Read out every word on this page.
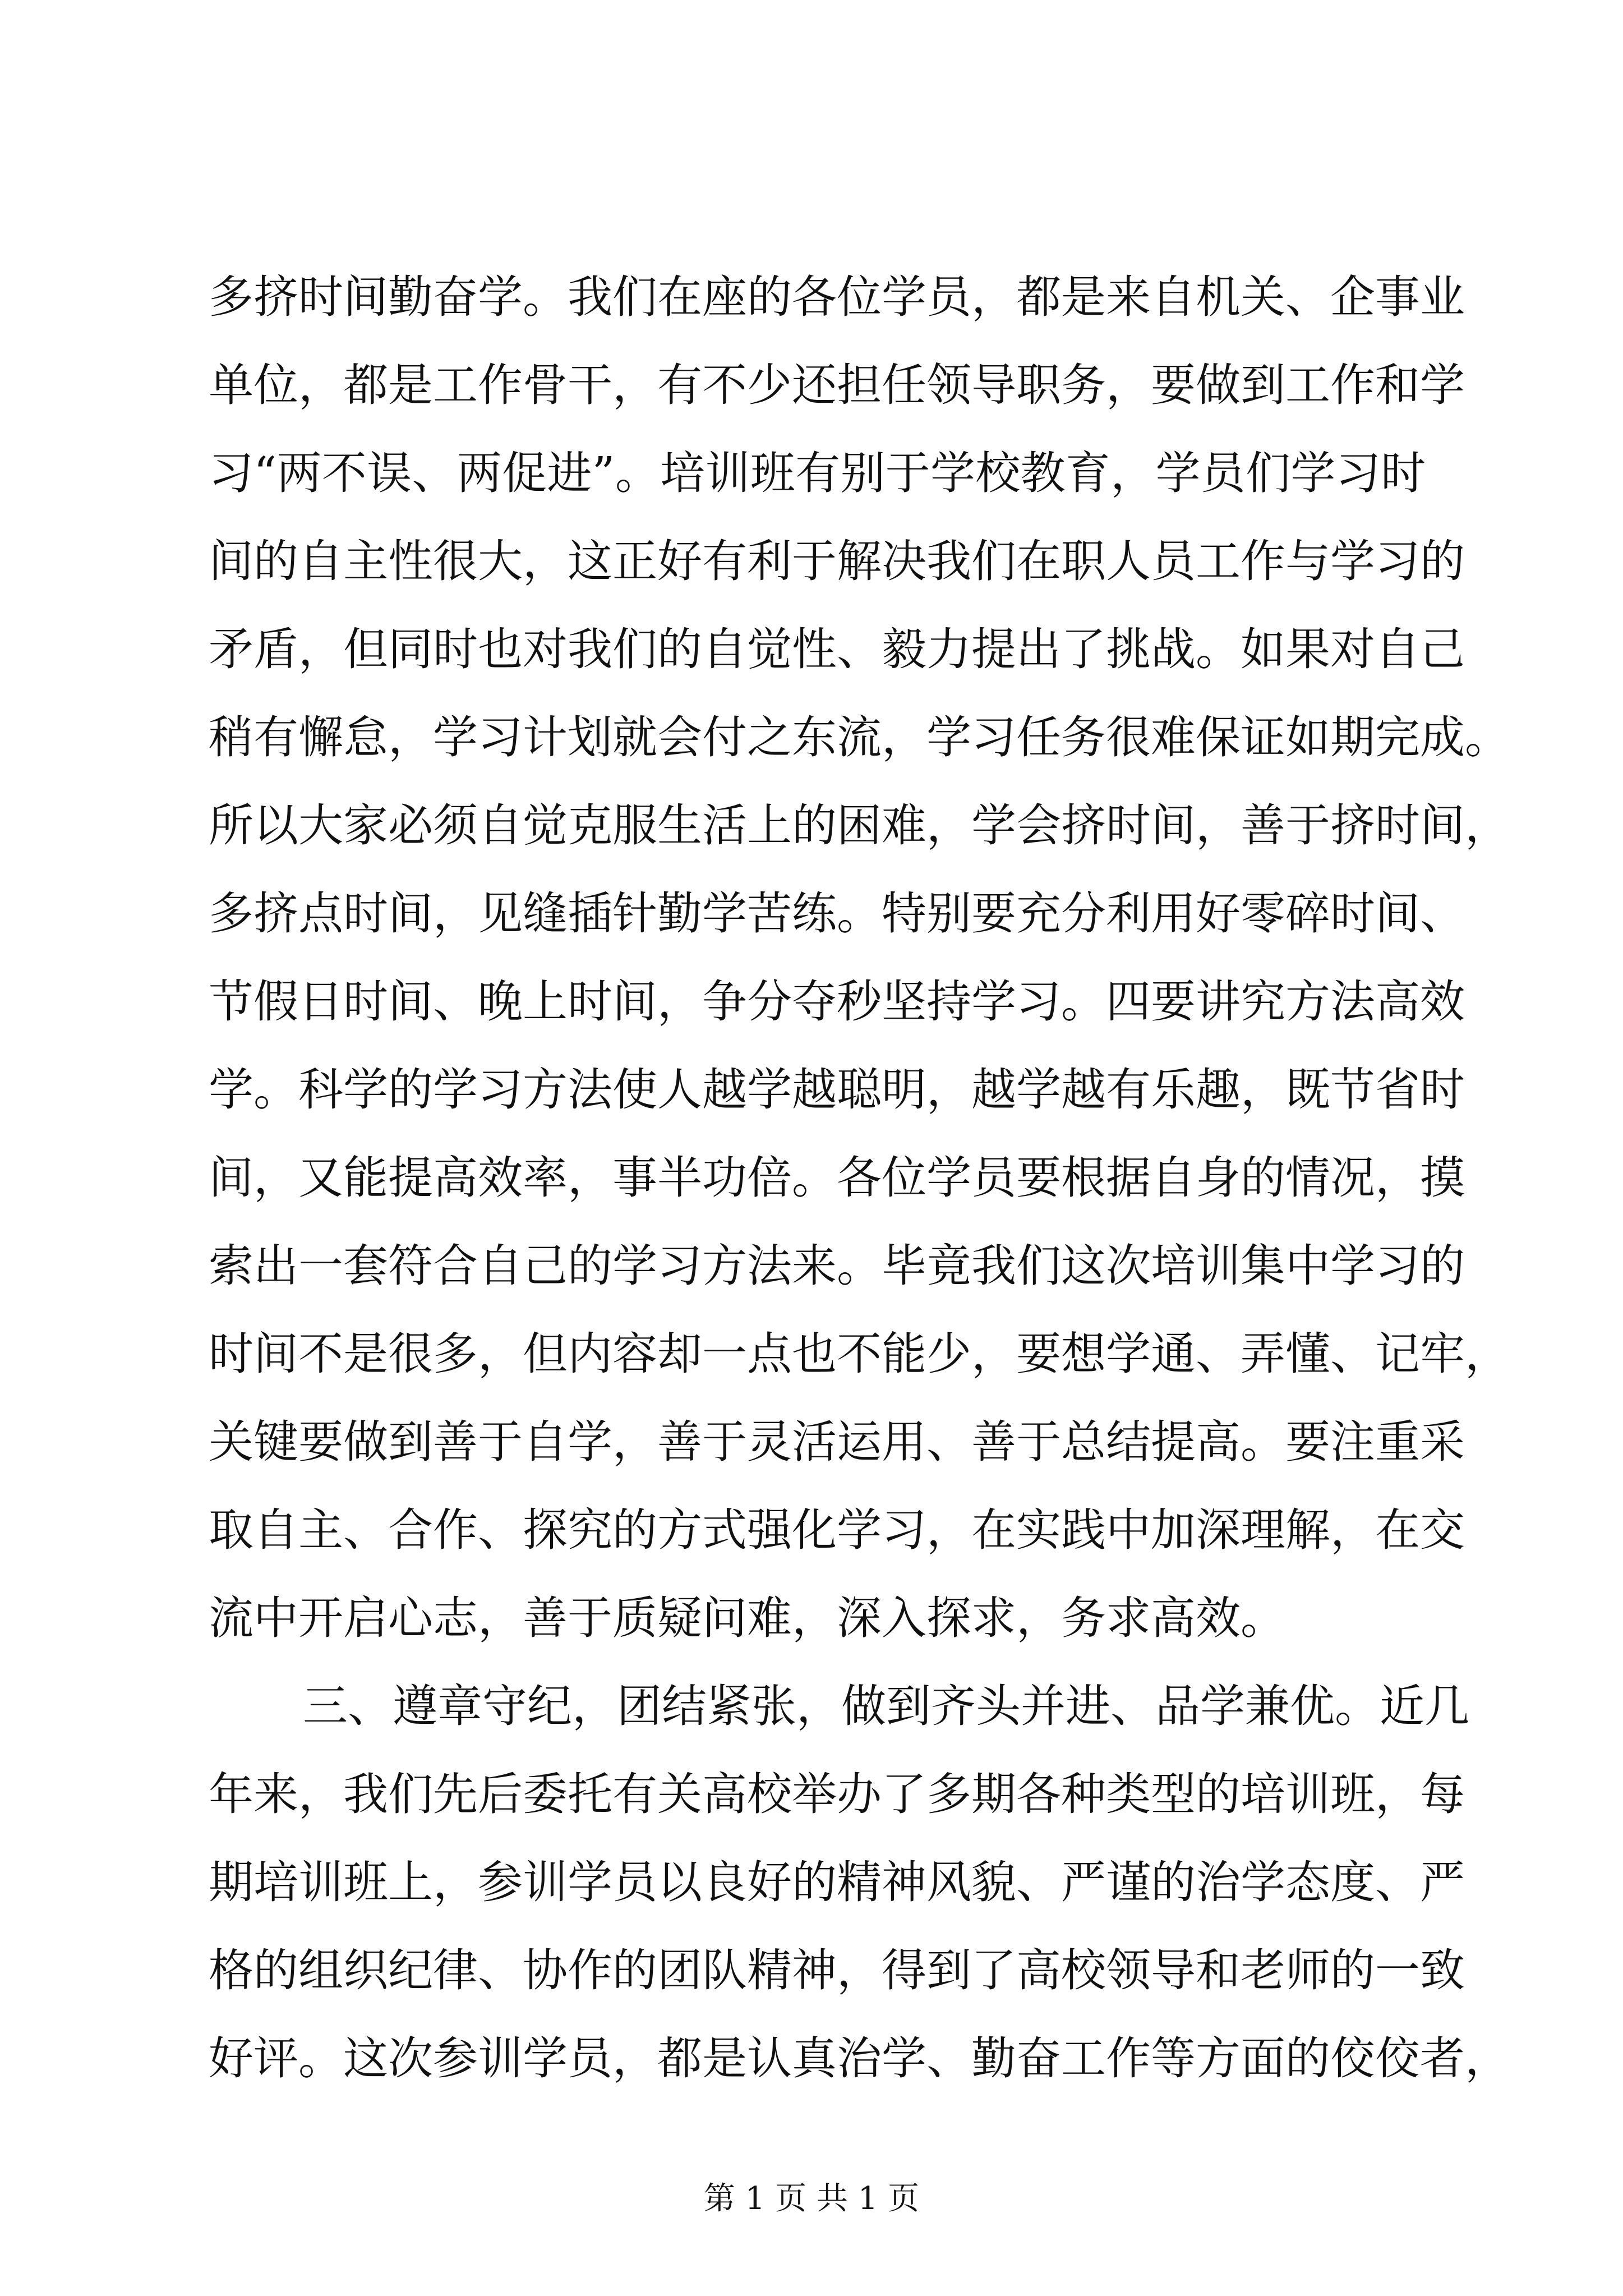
多挤时间勤奋学。我们在座的各位学员，都是来自机关、企事业
单位，都是工作骨干，有不少还担任领导职务，要做到工作和学
习“两不误、两促进”。培训班有别于学校教育，学员们学习时
间的自主性很大，这正好有利于解决我们在职人员工作与学习的
矛盾，但同时也对我们的自觉性、毅力提出了挑战。如果对自己
稍有懈怠，学习计划就会付之东流，学习任务很难保证如期完成。
所以大家必须自觉克服生活上的困难，学会挤时间，善于挤时间，
多挤点时间，见缝插针勤学苦练。特别要充分利用好零碎时间、
节假日时间、晚上时间，争分夺秒坚持学习。四要讲究方法高效
学。科学的学习方法使人越学越聪明，越学越有乐趣，既节省时
间，又能提高效率，事半功倍。各位学员要根据自身的情况，摸
索出一套符合自己的学习方法来。毕竟我们这次培训集中学习的
时间不是很多，但内容却一点也不能少，要想学通、弄懂、记牢，
关键要做到善于自学，善于灵活运用、善于总结提高。要注重采
取自主、合作、探究的方式强化学习，在实践中加深理解，在交
流中开启心志，善于质疑问难，深入探求，务求高效。
三、遵章守纪，团结紧张，做到齐头并进、品学兼优。近几
年来，我们先后委托有关高校举办了多期各种类型的培训班，每
期培训班上，参训学员以良好的精神风貌、严谨的治学态度、严
格的组织纪律、协作的团队精神，得到了高校领导和老师的一致
好评。这次参训学员，都是认真治学、勤奋工作等方面的佼佼者，
第 1 页 共 1 页
